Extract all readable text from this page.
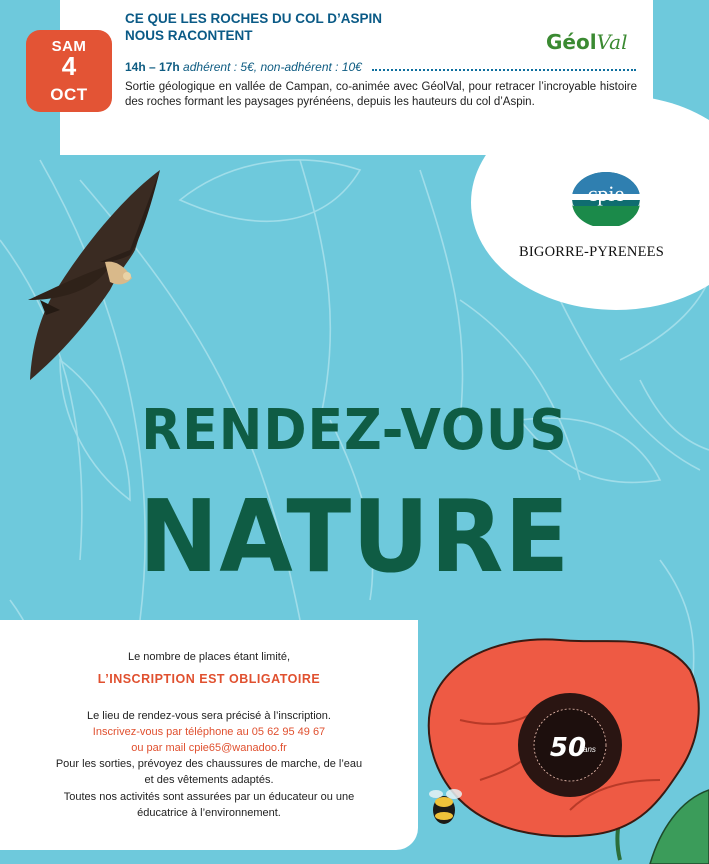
CE QUE LES ROCHES DU COL D’ASPIN
NOUS RACONTENT	GéolVal
14h – 17h adhérent : 5€, non-adhérent : 10€

Sortie géologique en vallée de Campan, co-animée avec GéolVal, pour retracer l’incroyable histoire des roches formant les paysages pyrénéens, depuis les hauteurs du col d’Aspin.

SAM
4
OCT
cpie
BIGORRE-PYRENEES
RENDEZ-VOUS
NATURE

Le nombre de places étant limité,

L’INSCRIPTION EST OBLIGATOIRE

Le lieu de rendez-vous sera précisé à l’inscription.

Inscrivez-vous par téléphone au 05 62 95 49 67

ou par mail cpie65@wanadoo.fr

Pour les sorties, prévoyez des chaussures de marche, de l’eau

et des vêtements adaptés.

Toutes nos activités sont assurées par un éducateur ou une

éducatrice à l’environnement.

50
ans
